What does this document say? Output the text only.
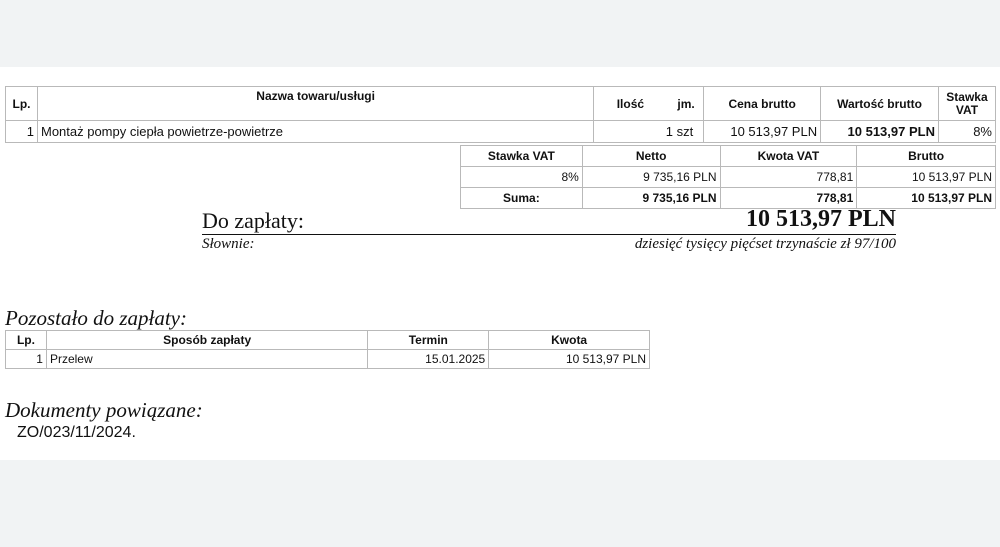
Lp.	Nazwa towaru/usługi	Ilość jm.	Cena brutto	Wartość brutto	Stawka
VAT
1	Montaż pompy ciepła powietrze-powietrze	1 szt	10 513,97 PLN	10 513,97 PLN	8%
Stawka VAT	Netto	Kwota VAT	Brutto
8%	9 735,16 PLN	778,81	10 513,97 PLN
Suma:	9 735,16 PLN	778,81	10 513,97 PLN
Do zapłaty:	10 513,97 PLN
Słownie:	dziesięć tysięcy pięćset trzynaście zł 97/100
Pozostało do zapłaty:
Lp.	Sposób zapłaty	Termin	Kwota
1	Przelew	15.01.2025	10 513,97 PLN
Dokumenty powiązane:
ZO/023/11/2024.
